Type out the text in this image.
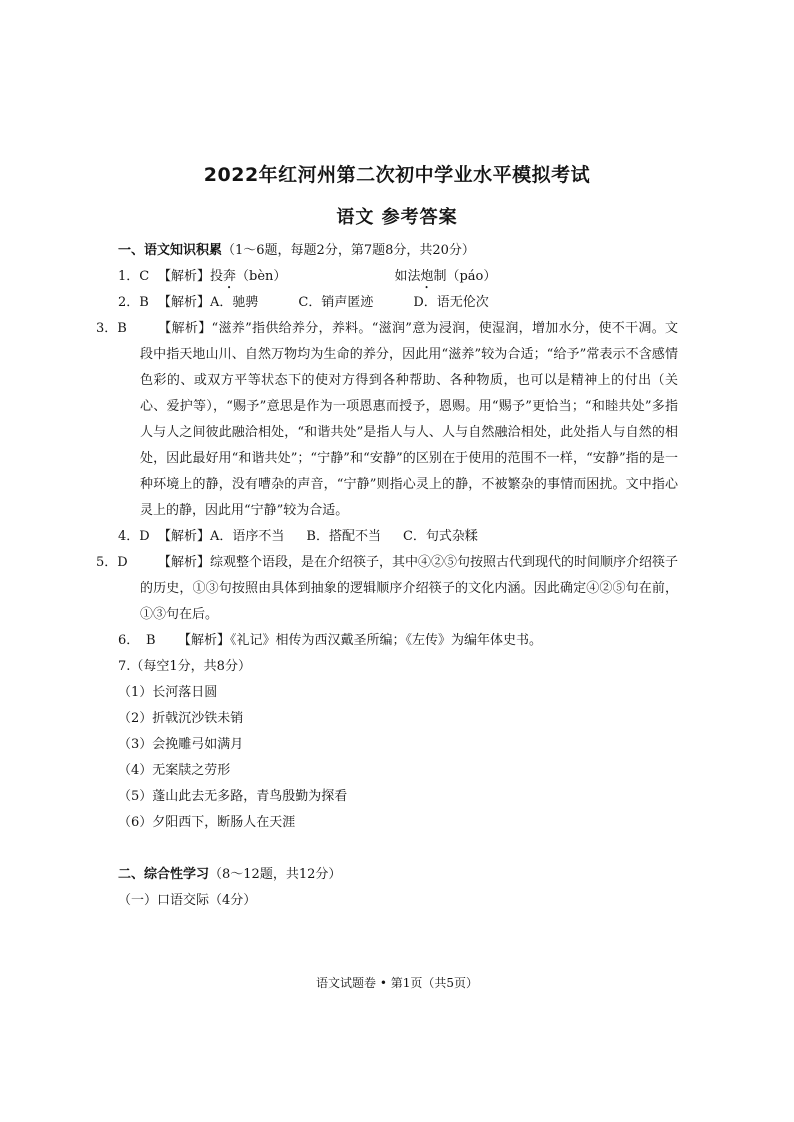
2022年红河州第二次初中学业水平模拟考试
语文 参考答案
一、语文知识积累（1～6题，每题2分，第7题8分，共20分）
1．C 【解析】投奔（bèn）	如法炮制（páo）
2．B 【解析】A．驰骋	C．销声匿迹	D．语无伦次
3．B 【解析】“滋养”指供给养分，养料。“滋润”意为浸润，使湿润，增加水分，使不干凋。文段中指天地山川、自然万物均为生命的养分，因此用“滋养”较为合适；“给予”常表示不含感情色彩的、或双方平等状态下的使对方得到各种帮助、各种物质，也可以是精神上的付出（关心、爱护等），“赐予”意思是作为一项恩惠而授予，恩赐。用“赐予”更恰当；“和睦共处”多指人与人之间彼此融洽相处，“和谐共处”是指人与人、人与自然融洽相处，此处指人与自然的相处，因此最好用“和谐共处”；“宁静”和“安静”的区别在于使用的范围不一样，“安静”指的是一种环境上的静，没有嘈杂的声音，“宁静”则指心灵上的静，不被繁杂的事情而困扰。文中指心灵上的静，因此用“宁静”较为合适。
4．D 【解析】A．语序不当 B．搭配不当 C．句式杂糅
5．D 【解析】综观整个语段，是在介绍筷子，其中④②⑤句按照古代到现代的时间顺序介绍筷子的历史，①③句按照由具体到抽象的逻辑顺序介绍筷子的文化内涵。因此确定④②⑤句在前，①③句在后。
6． B 【解析】《礼记》相传为西汉戴圣所编；《左传》为编年体史书。
7.（每空1分，共8分）
（1）长河落日圆
（2）折戟沉沙铁未销
（3）会挽雕弓如满月
（4）无案牍之劳形
（5）蓬山此去无多路，青鸟殷勤为探看
（6）夕阳西下，断肠人在天涯
二、综合性学习（8～12题，共12分）
（一）口语交际（4分）
语文试题卷 • 第1页（共5页）
